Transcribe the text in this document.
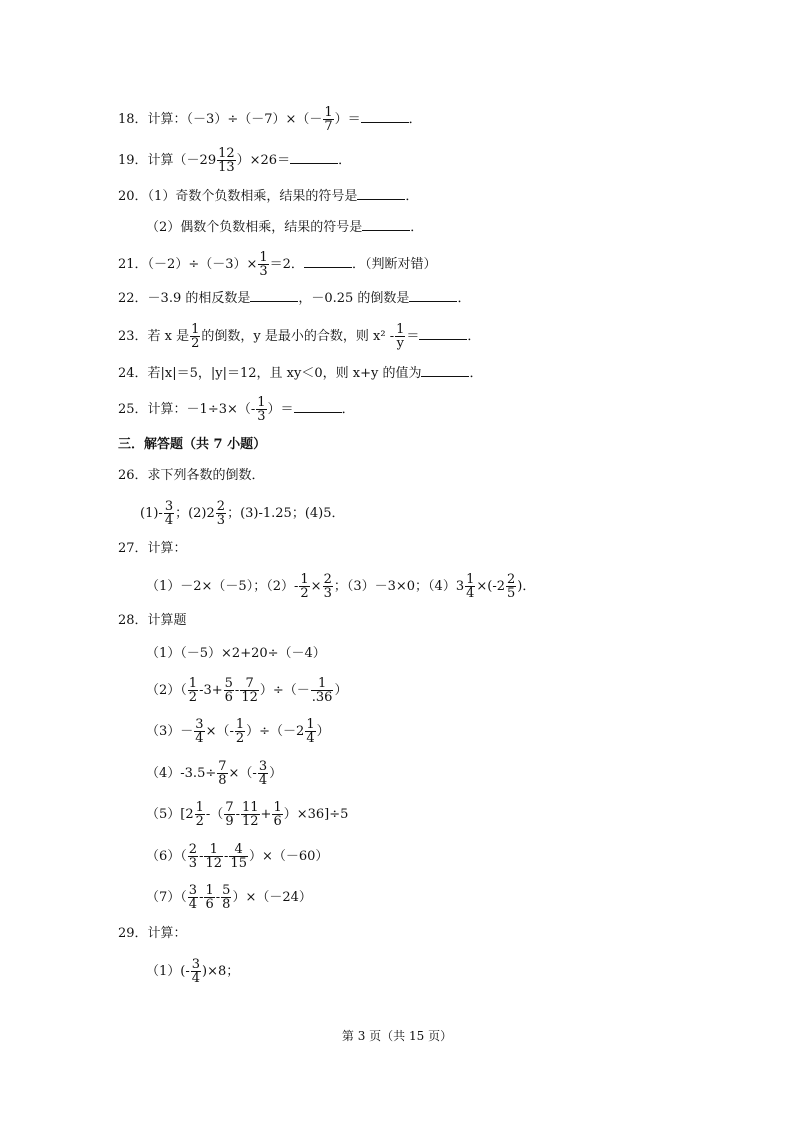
18．计算：$(-3)\div(-7)\times(- \frac{1}{7}$ ）＝	．
19．计算$(-29 \frac{12}{13} )\times 26=$	．
20．（1）奇数个负数相乘，结果的符号是	．
（2）偶数个负数相乘，结果的符号是	．
21．$(-2)\div(-3)\times \frac{1}{3} =2$．	．（判断对错）
22．－3.9 的相反数是	，－0.25 的倒数是	．
23．若 x 是 $\frac{1}{2}$ 的倒数，y 是最小的合数，则 $x^2 - \frac{1}{y}$ ＝	．
24．若|x|＝5，|y|＝12，且 xy＜0，则 x+y 的值为	．
25．计算：$-1\div 3\times(- \frac{1}{3}$ ）＝	．
三．解答题（共 7 小题）
26．求下列各数的倒数．
$(1)- \frac{3}{4}$ ；$(2)2 \frac{2}{3}$ ；(3)-1.25；(4)5．
27．计算：
（1）－2×（－5）；$(2)- \frac{1}{2} \times \frac{2}{3}$ ；（3）－3×0；$(4)3 \frac{1}{4} \times(-2 \frac{2}{5}$ )．
28．计算题
（1）（－5）×2+20÷（－4）
$(2)( \frac{1}{2} -3+ \frac{5}{6} - \frac{7}{12}$ ）÷（－ $\frac{1}{.36}$ ）
$(3)- \frac{3}{4}$ ×（- $\frac{1}{2} )\div(-2 \frac{1}{4}$ ）
$(4)-3.5\div \frac{7}{8}$ ×（- $\frac{3}{4}$ ）
$(5)[2 \frac{1}{2}$ -（ $\frac{7}{9} - \frac{11}{12} + \frac{1}{6} )\times 36]\div 5$
$(6)( \frac{2}{3} - \frac{1}{12} - \frac{4}{15} )\times(-60)$
$(7)( \frac{3}{4} - \frac{1}{6} - \frac{5}{8} )\times(-24)$
29．计算：
$(1)(- \frac{3}{4} )\times 8$；
第 3 页（共 15 页）
